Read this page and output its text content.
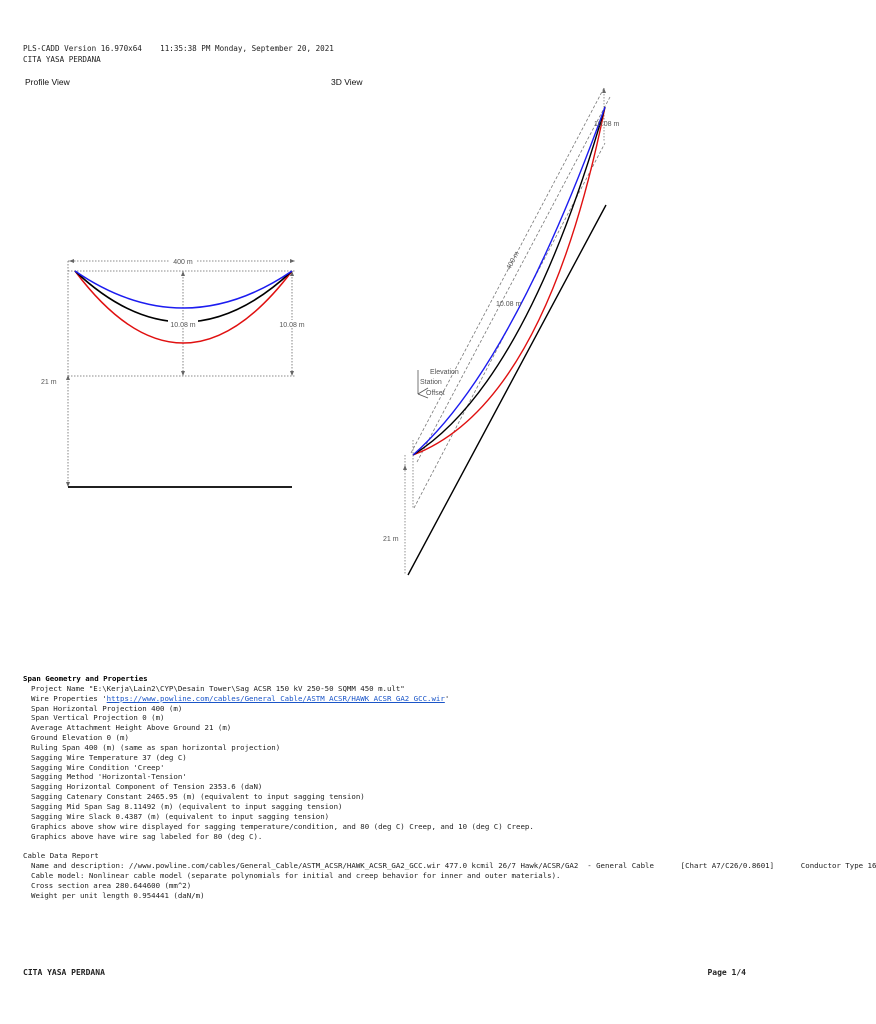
PLS-CADD Version 16.970x64    11:35:38 PM Monday, September 20, 2021
CITA YASA PERDANA
Profile View	3D View
400 m
10.08 m	10.08 m
21 m
Elevation
Station
Offset
10.08 m
400 m
10.08 m
21 m
Span Geometry and Properties
Project Name "E:\Kerja\Lain2\CYP\Desain Tower\Sag ACSR 150 kV 250-50 SQMM 450 m.ult"
Wire Properties 'https://www.powline.com/cables/General_Cable/ASTM_ACSR/HAWK_ACSR_GA2_GCC.wir'
Span Horizontal Projection 400 (m)
Span Vertical Projection 0 (m)
Average Attachment Height Above Ground 21 (m)
Ground Elevation 0 (m)
Ruling Span 400 (m) (same as span horizontal projection)
Sagging Wire Temperature 37 (deg C)
Sagging Wire Condition 'Creep'
Sagging Method 'Horizontal-Tension'
Sagging Horizontal Component of Tension 2353.6 (daN)
Sagging Catenary Constant 2465.95 (m) (equivalent to input sagging tension)
Sagging Mid Span Sag 8.11492 (m) (equivalent to input sagging tension)
Sagging Wire Slack 0.4387 (m) (equivalent to input sagging tension)
Graphics above show wire displayed for sagging temperature/condition, and 80 (deg C) Creep, and 10 (deg C) Creep.
Graphics above have wire sag labeled for 80 (deg C).
Cable Data Report
Name and description: //www.powline.com/cables/General_Cable/ASTM_ACSR/HAWK_ACSR_GA2_GCC.wir 477.0 kcmil 26/7 Hawk/ACSR/GA2  - General Cable	[Chart A7/C26/0.8601]	Conductor Type 16
Cable model: Nonlinear cable model (separate polynomials for initial and creep behavior for inner and outer materials).
Cross section area 280.644600 (mm^2)
Weight per unit length 0.954441 (daN/m)
CITA YASA PERDANA	Page 1/4
